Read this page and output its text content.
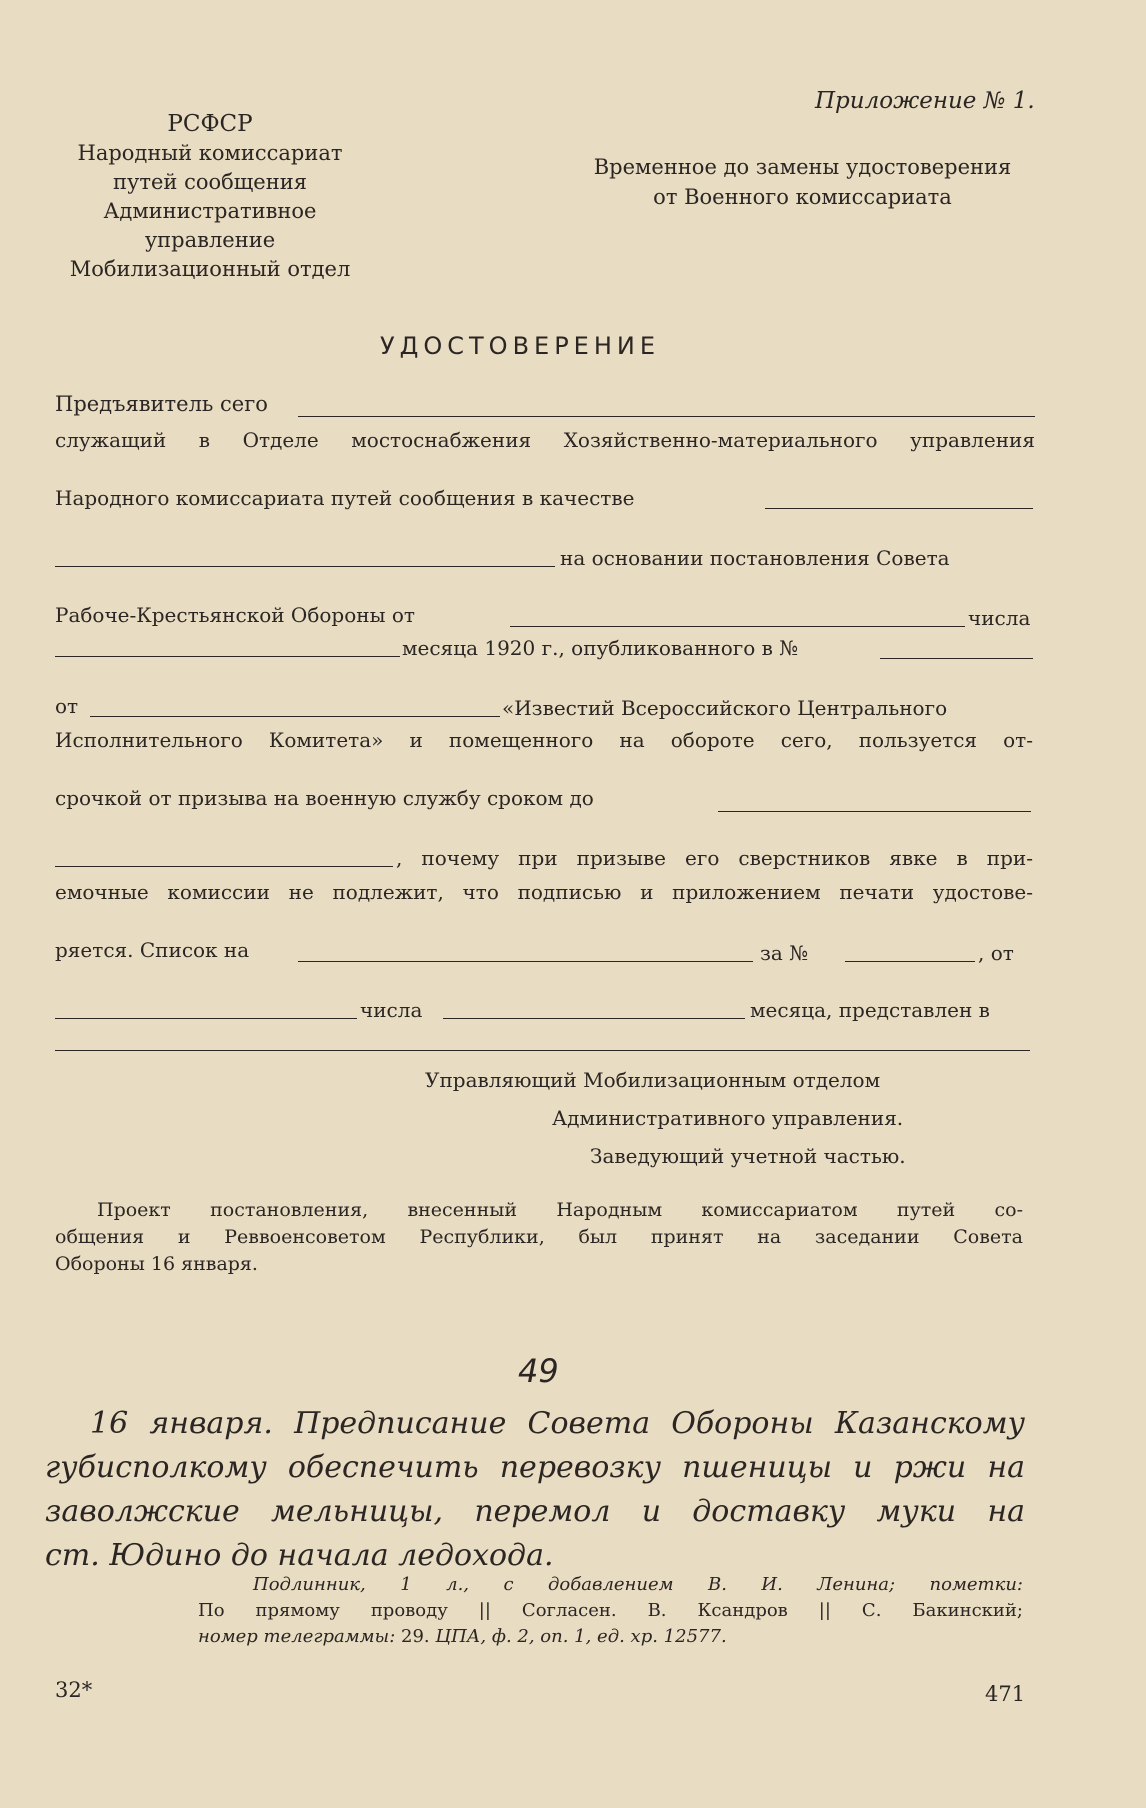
Приложение № 1.
РСФСР
Народный комиссариат
путей сообщения
Административное
управление
Мобилизационный отдел
Временное до замены удостоверения
от Военного комиссариата
УДОСТОВЕРЕНИЕ
Предъявитель сего
служащий в Отделе мостоснабжения Хозяйственно-материального управления
Народного комиссариата путей сообщения в качестве
на основании постановления Совета
Рабоче-Крестьянской Обороны от	числа
месяца 1920 г., опубликованного в №
от	«Известий Всероссийского Центрального
Исполнительного Комитета» и помещенного на обороте сего, пользуется от-
срочкой от призыва на военную службу сроком до
, почему при призыве его сверстников явке в при-
емочные комиссии не подлежит, что подписью и приложением печати удостове-
ряется. Список на	за №	, от
числа	месяца, представлен в
Управляющий Мобилизационным отделом
Административного управления.
Заведующий учетной частью.
Проект постановления, внесенный Народным комиссариатом путей со-
общения и Реввоенсоветом Республики, был принят на заседании Совета
Обороны 16 января.
49
16 января. Предписание Совета Обороны Казанскому
губисполкому обеспечить перевозку пшеницы и ржи на
заволжские мельницы, перемол и доставку муки на
ст. Юдино до начала ледохода.
Подлинник, 1 л., с добавлением В. И. Ленина; пометки:
По прямому проводу || Согласен. В. Ксандров || С. Бакинский;
номер телеграммы: 29. ЦПА, ф. 2, оп. 1, ед. хр. 12577.
32*	471
